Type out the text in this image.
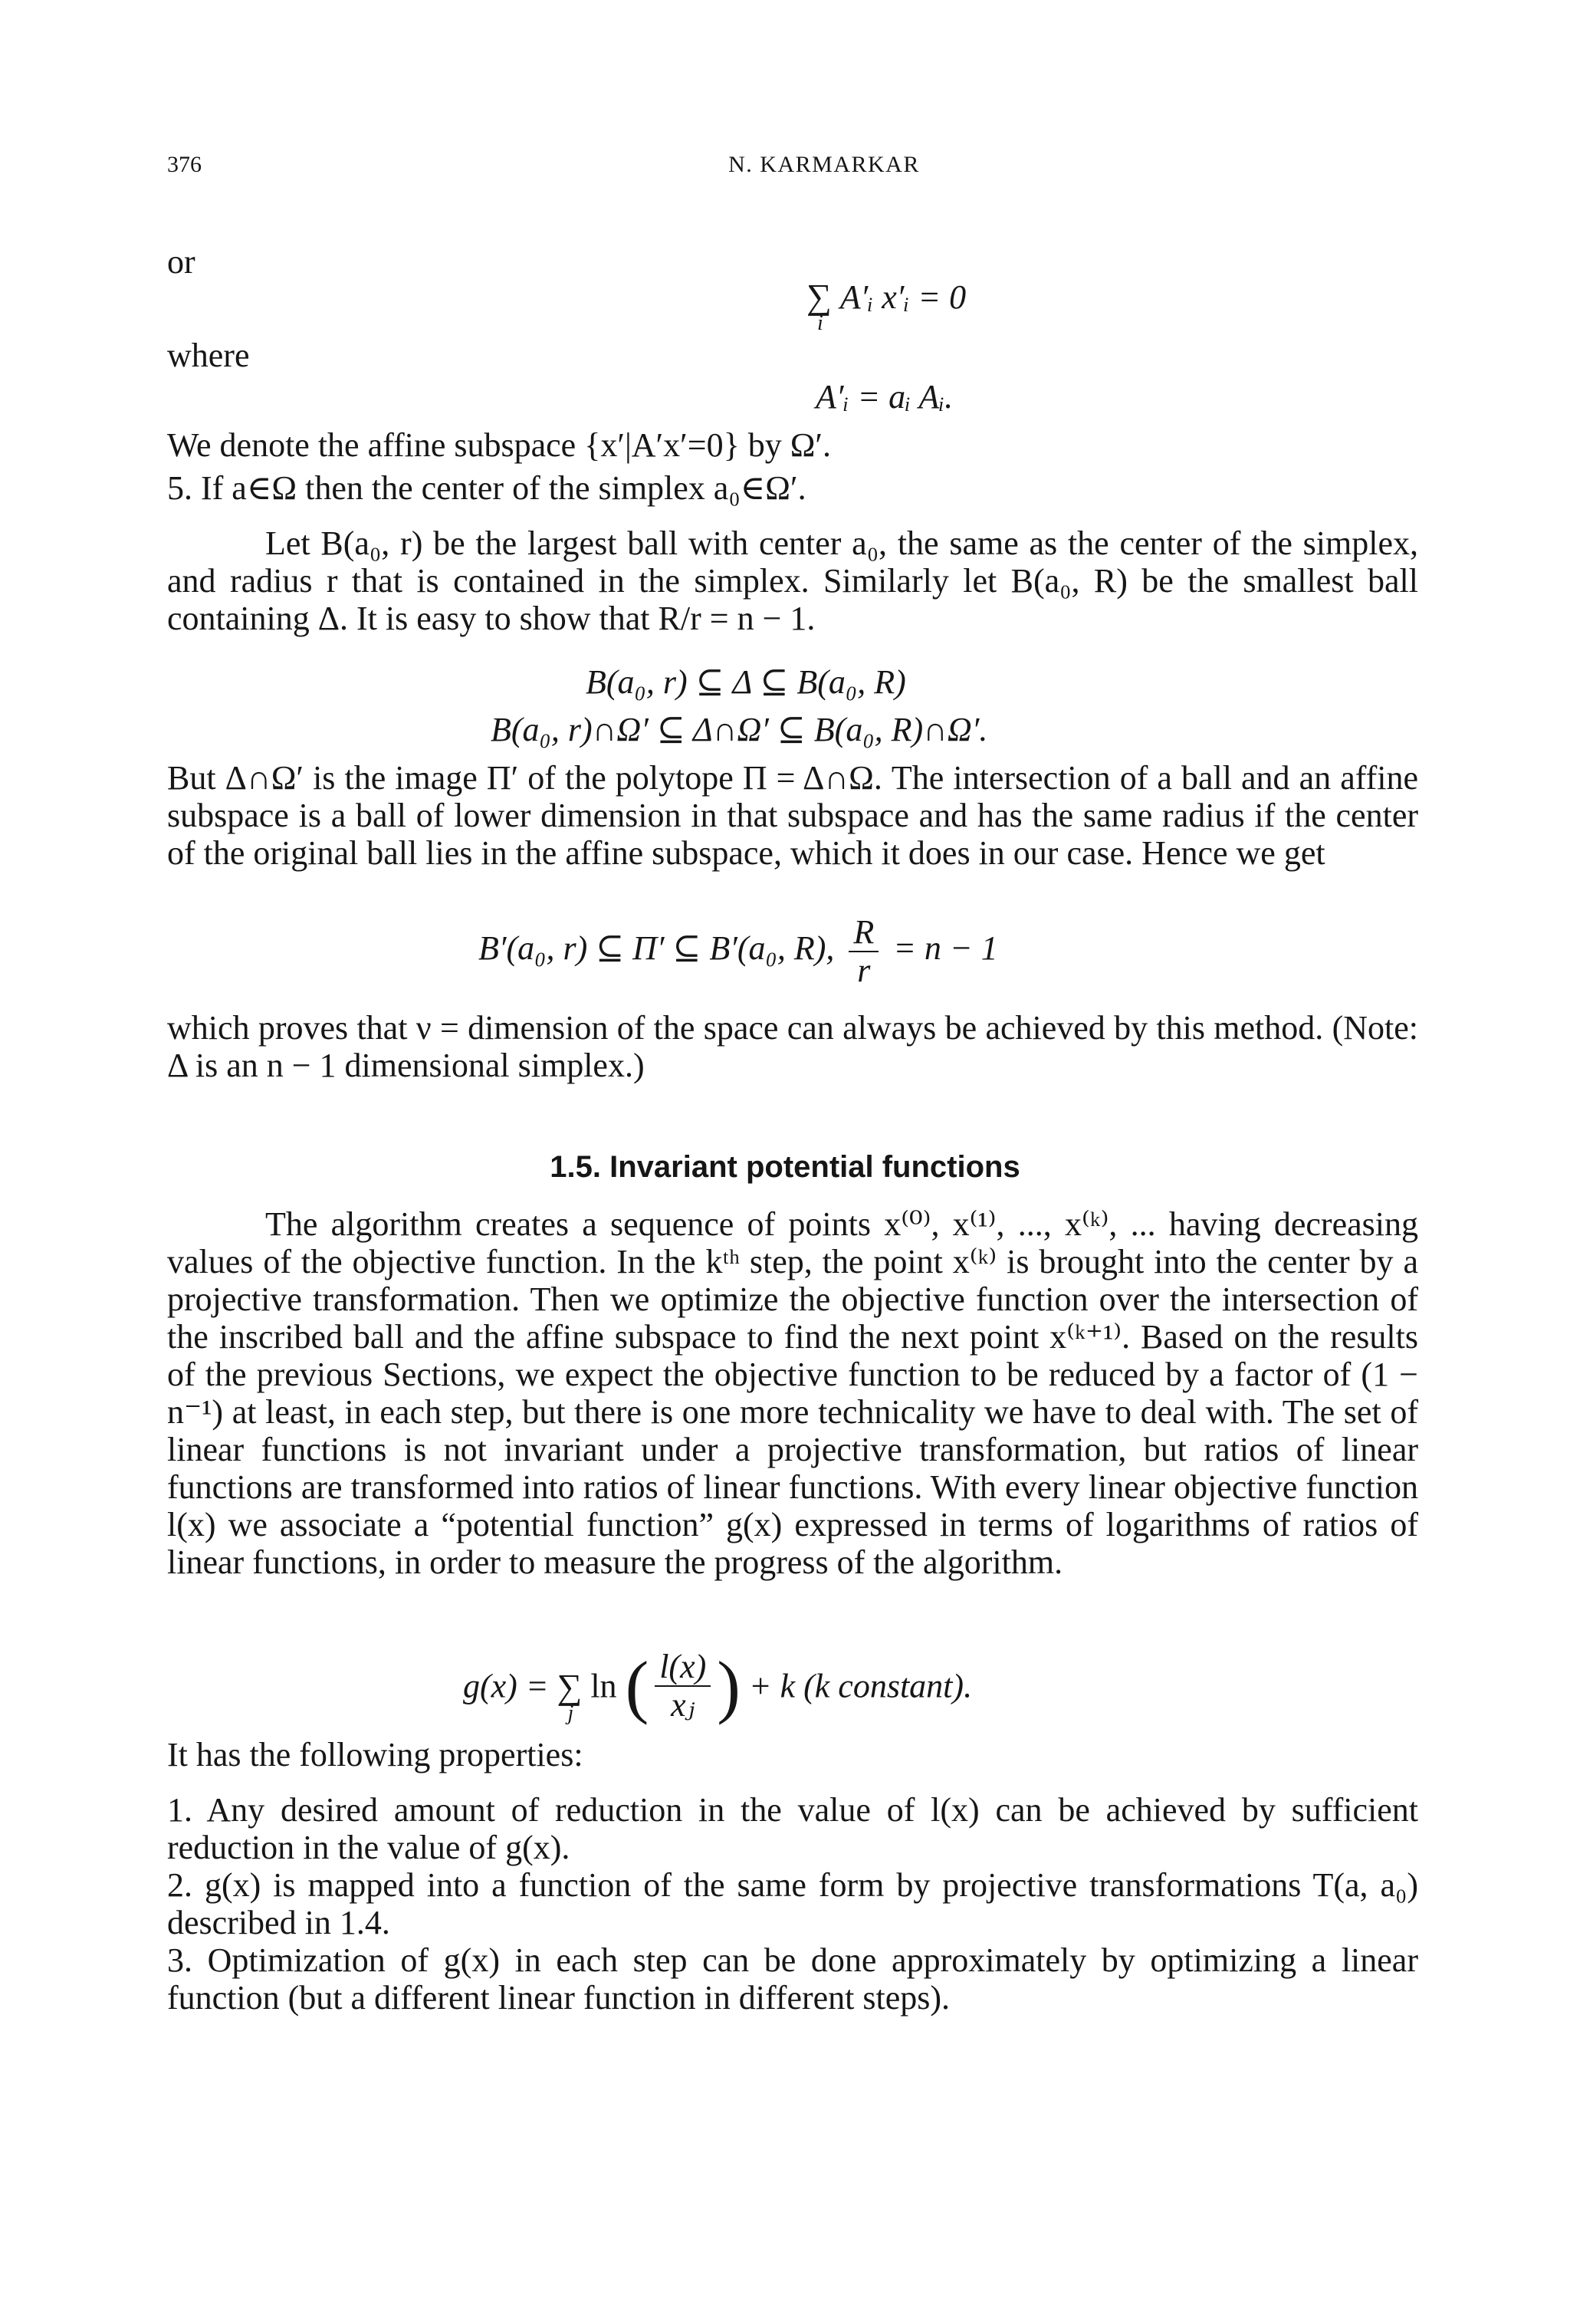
376	N. KARMARKAR
or
∑
i
A′ᵢ x′ᵢ = 0
where
A′ᵢ = aᵢ Aᵢ.

We denote the affine subspace {x′|A′x′=0} by Ω′.

5. If a∈Ω then the center of the simplex a₀∈Ω′.

Let B(a₀, r) be the largest ball with center a₀, the same as the center of the simplex, and radius r that is contained in the simplex. Similarly let B(a₀, R) be the smallest ball containing Δ. It is easy to show that R/r = n − 1.

B(a₀, r) ⊆ Δ ⊆ B(a₀, R)
B(a₀, r)∩Ω′ ⊆ Δ∩Ω′ ⊆ B(a₀, R)∩Ω′.

But Δ∩Ω′ is the image Π′ of the polytope Π = Δ∩Ω. The intersection of a ball and an affine subspace is a ball of lower dimension in that subspace and has the same radius if the center of the original ball lies in the affine subspace, which it does in our case. Hence we get

B′(a₀, r) ⊆ Π′ ⊆ B′(a₀, R), $\frac{R}{r} = n - 1$

which proves that ν = dimension of the space can always be achieved by this method. (Note: Δ is an n − 1 dimensional simplex.)

1.5. Invariant potential functions

The algorithm creates a sequence of points x⁽⁰⁾, x⁽¹⁾, ..., x⁽ᵏ⁾, ... having decreasing values of the objective function. In the kᵗʰ step, the point x⁽ᵏ⁾ is brought into the center by a projective transformation. Then we optimize the objective function over the intersection of the inscribed ball and the affine subspace to find the next point x⁽ᵏ⁺¹⁾. Based on the results of the previous Sections, we expect the objective function to be reduced by a factor of (1 − n⁻¹) at least, in each step, but there is one more technicality we have to deal with. The set of linear functions is not invariant under a projective transformation, but ratios of linear functions are transformed into ratios of linear functions. With every linear objective function l(x) we associate a “potential function” g(x) expressed in terms of logarithms of ratios of linear functions, in order to measure the progress of the algorithm.

g(x) = ∑
j
ln ( $\frac{l(x)}{\text{xⱼ}}$ ) + k (k constant).

It has the following properties:

1. Any desired amount of reduction in the value of l(x) can be achieved by sufficient reduction in the value of g(x).

2. g(x) is mapped into a function of the same form by projective transformations T(a, a₀) described in 1.4.

3. Optimization of g(x) in each step can be done approximately by optimizing a linear function (but a different linear function in different steps).
